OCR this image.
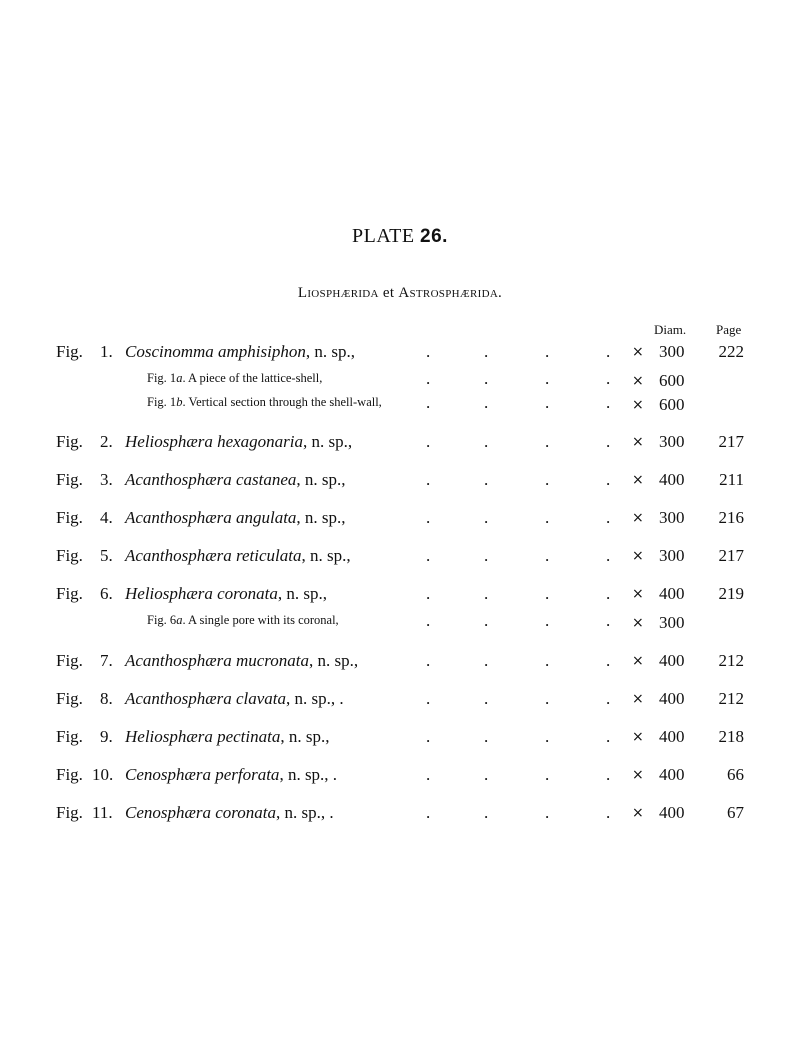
PLATE 26.
Liosphærida et Astrosphærida.
Diam. Page
Fig. 1. Coscinomma amphisiphon, n. sp.,	.	.	.	. × 300 222
Fig. 1a. A piece of the lattice-shell,	.	.	.	. × 600
Fig. 1b. Vertical section through the shell-wall,	.	.	.	. × 600
Fig. 2. Heliosphæra hexagonaria, n. sp.,	.	.	.	. × 300 217
Fig. 3. Acanthosphæra castanea, n. sp.,	.	.	.	. × 400 211
Fig. 4. Acanthosphæra angulata, n. sp.,	.	.	.	. × 300 216
Fig. 5. Acanthosphæra reticulata, n. sp.,	.	.	.	. × 300 217
Fig. 6. Heliosphæra coronata, n. sp.,	.	.	.	. × 400 219
Fig. 6a. A single pore with its coronal,	.	.	.	. × 300
Fig. 7. Acanthosphæra mucronata, n. sp.,	.	.	.	. × 400 212
Fig. 8. Acanthosphæra clavata, n. sp., .	.	.	.	. × 400 212
Fig. 9. Heliosphæra pectinata, n. sp.,	.	.	.	. × 400 218
Fig. 10. Cenosphæra perforata, n. sp., .	.	.	.	. × 400	66
Fig. 11. Cenosphæra coronata, n. sp., .	.	.	.	. × 400	67
